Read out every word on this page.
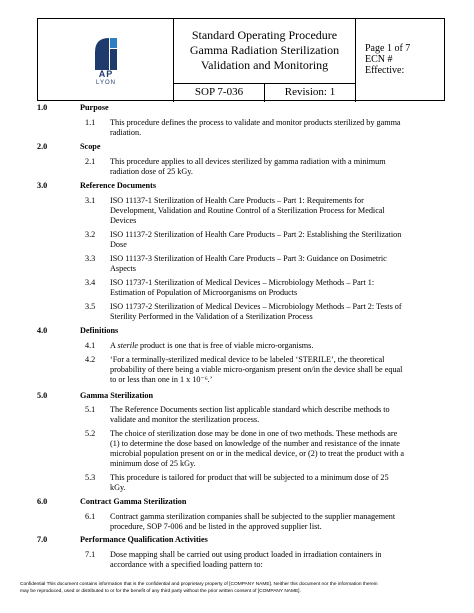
AP
LYON
Standard Operating Procedure
Gamma Radiation Sterilization
Validation and Monitoring
SOP 7-036	Revision: 1
Page 1 of 7
ECN #
Effective:
1.0	Purpose
1.1 This procedure defines the process to validate and monitor products sterilized by gamma
radiation.
2.0	Scope
2.1 This procedure applies to all devices sterilized by gamma radiation with a minimum
radiation dose of 25 kGy.
3.0	Reference Documents
3.1 ISO 11137-1 Sterilization of Health Care Products – Part 1: Requirements for
Development, Validation and Routine Control of a Sterilization Process for Medical
Devices
3.2 ISO 11137-2 Sterilization of Health Care Products – Part 2: Establishing the Sterilization
Dose
3.3 ISO 11137-3 Sterilization of Health Care Products – Part 3: Guidance on Dosimetric
Aspects
3.4 ISO 11737-1 Sterilization of Medical Devices – Microbiology Methods – Part 1:
Estimation of Population of Microorganisms on Products
3.5 ISO 11737-2 Sterilization of Medical Devices – Microbiology Methods – Part 2: Tests of
Sterility Performed in the Validation of a Sterilization Process
4.0	Definitions
4.1 A sterile product is one that is free of viable micro-organisms.
4.2 ‘For a terminally-sterilized medical device to be labeled ‘STERILE’, the theoretical
probability of there being a viable micro-organism present on/in the device shall be equal
to or less than one in 1 x 10⁻⁶.’
5.0	Gamma Sterilization
5.1 The Reference Documents section list applicable standard which describe methods to
validate and monitor the sterilization process.
5.2 The choice of sterilization dose may be done in one of two methods. These methods are
(1) to determine the dose based on knowledge of the number and resistance of the innate
microbial population present on or in the medical device, or (2) to treat the product with a
minimum dose of 25 kGy.
5.3 This procedure is tailored for product that will be subjected to a minimum dose of 25
kGy.
6.0	Contract Gamma Sterilization
6.1 Contract gamma sterilization companies shall be subjected to the supplier management
procedure, SOP 7-006 and be listed in the approved supplier list.
7.0	Performance Qualification Activities
7.1 Dose mapping shall be carried out using product loaded in irradiation containers in
accordance with a specified loading pattern to:
Confidential This document contains information that is the confidential and proprietary property of [COMPANY NAME]. Neither this document nor the information therein
may be reproduced, used or distributed to or for the benefit of any third party without the prior written consent of [COMPANY NAME].
